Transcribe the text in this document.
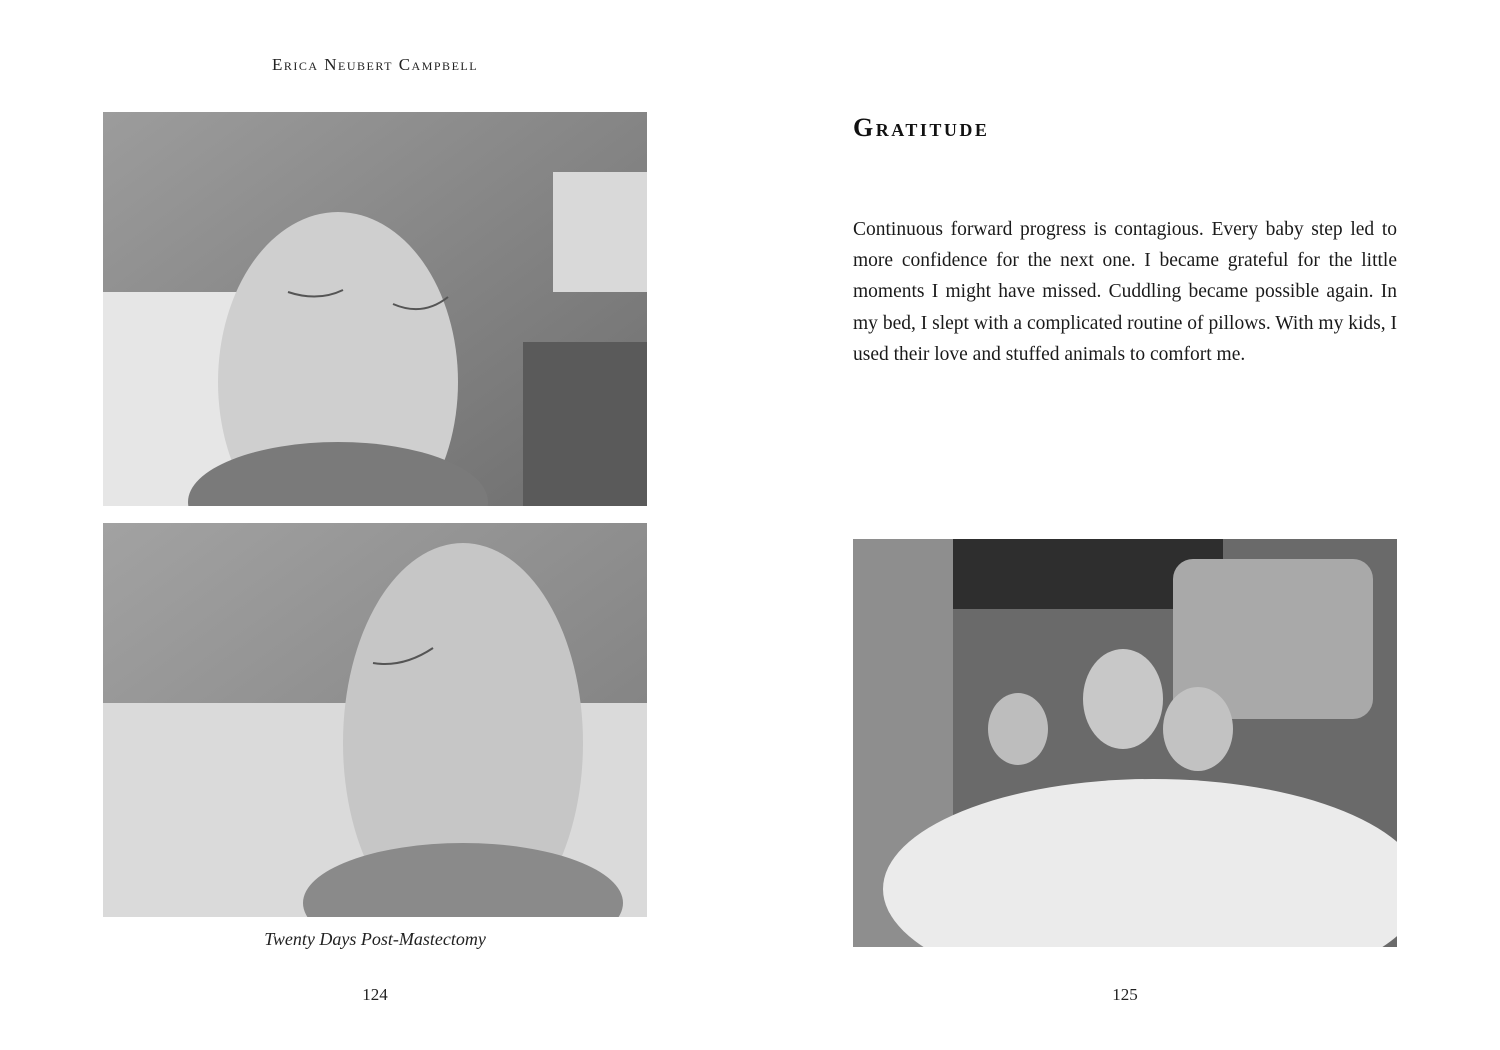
Erica Neubert Campbell
Twenty Days Post-Mastectomy
124
Gratitude

Continuous forward progress is contagious. Every baby step led to more confidence for the next one. I became grateful for the little moments I might have missed. Cuddling became possible again. In my bed, I slept with a complicated routine of pillows. With my kids, I used their love and stuffed animals to comfort me.

125
